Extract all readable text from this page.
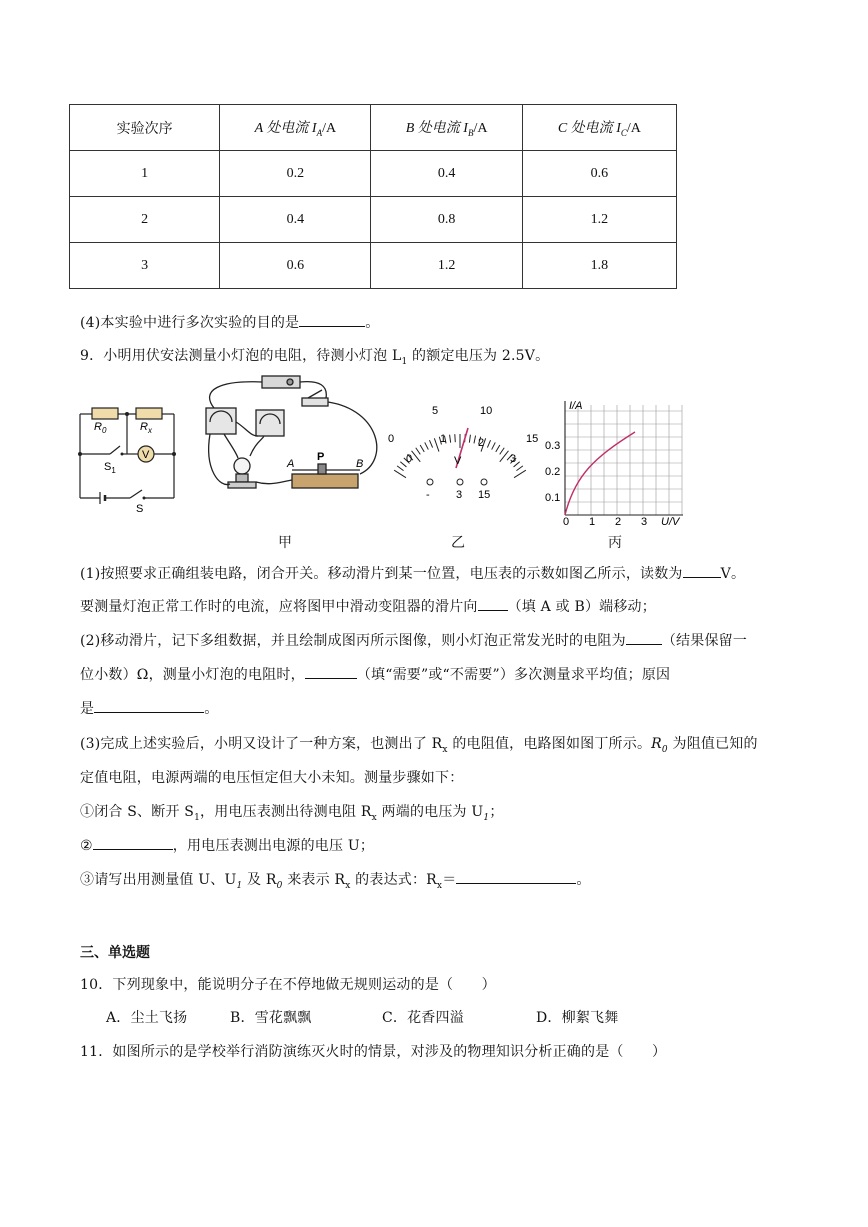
实验次序	A 处电流 $I_A/A$	B 处电流 $I_B/A$	C 处电流 $I_C/A$
1	0.2	0.4	0.6
2	0.4	0.8	1.2
3	0.6	1.2	1.8
(4)本实验中进行多次实验的目的是	。
9．小明用伏安法测量小灯泡的电阻，待测小灯泡 $L_1$ 的额定电压为 2.5V。
$R_0$	$R_x$
V
$S_1$
S
A
P
B
5	10
0	1	2	15
0	3
V
- 3 15
I/A
U/V
0.3
0.2
0.1
0 1 2 3
甲	乙	丙
(1)按照要求正确组装电路，闭合开关。移动滑片到某一位置，电压表的示数如图乙所示，读数为	V。
要测量灯泡正常工作时的电流，应将图甲中滑动变阻器的滑片向 （填 A 或 B）端移动；
(2)移动滑片，记下多组数据，并且绘制成图丙所示图像，则小灯泡正常发光时的电阻为	（结果保留一
位小数）Ω，测量小灯泡的电阻时，	（填“需要”或“不需要”）多次测量求平均值；原因
是	。
(3)完成上述实验后，小明又设计了一种方案，也测出了 $R_x$ 的电阻值，电路图如图丁所示。$R_0$ 为阻值已知的
定值电阻，电源两端的电压恒定但大小未知。测量步骤如下：
①闭合 S、断开 $S_1$，用电压表测出待测电阻 $R_x$ 两端的电压为 $U_1$；
②	，用电压表测出电源的电压 U；
③请写出用测量值 U、$U_1$ 及 $R_0$ 来表示 $R_x$ 的表达式：$R_x=$	。
三、单选题
10．下列现象中，能说明分子在不停地做无规则运动的是（　　）
A．尘土飞扬	B．雪花飘飘	C．花香四溢	D．柳絮飞舞
11．如图所示的是学校举行消防演练灭火时的情景，对涉及的物理知识分析正确的是（　　）
